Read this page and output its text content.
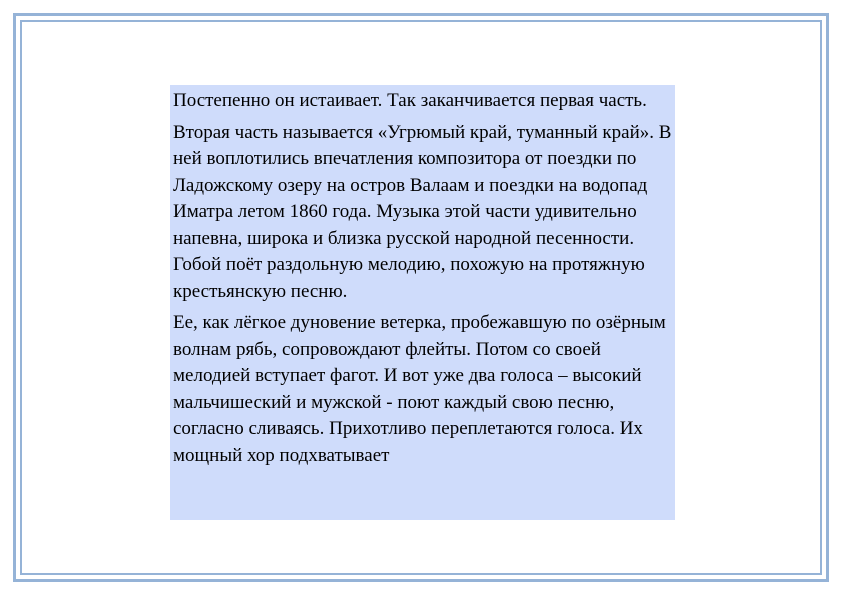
Постепенно он истаивает. Так заканчивается первая часть.

Вторая часть называется «Угрюмый край, туманный край». В ней воплотились впечатления композитора от поездки по Ладожскому озеру на остров Валаам и поездки на водопад Иматра летом 1860 года. Музыка этой части удивительно напевна, широка и близка русской народной песенности. Гобой поёт раздольную мелодию, похожую на протяжную крестьянскую песню.

Ее, как лёгкое дуновение ветерка, пробежавшую по озёрным волнам рябь, сопровождают флейты. Потом со своей мелодией вступает фагот. И вот уже два голоса – высокий мальчишеский и мужской - поют каждый свою песню, согласно сливаясь. Прихотливо переплетаются голоса. Их мощный хор подхватывает
